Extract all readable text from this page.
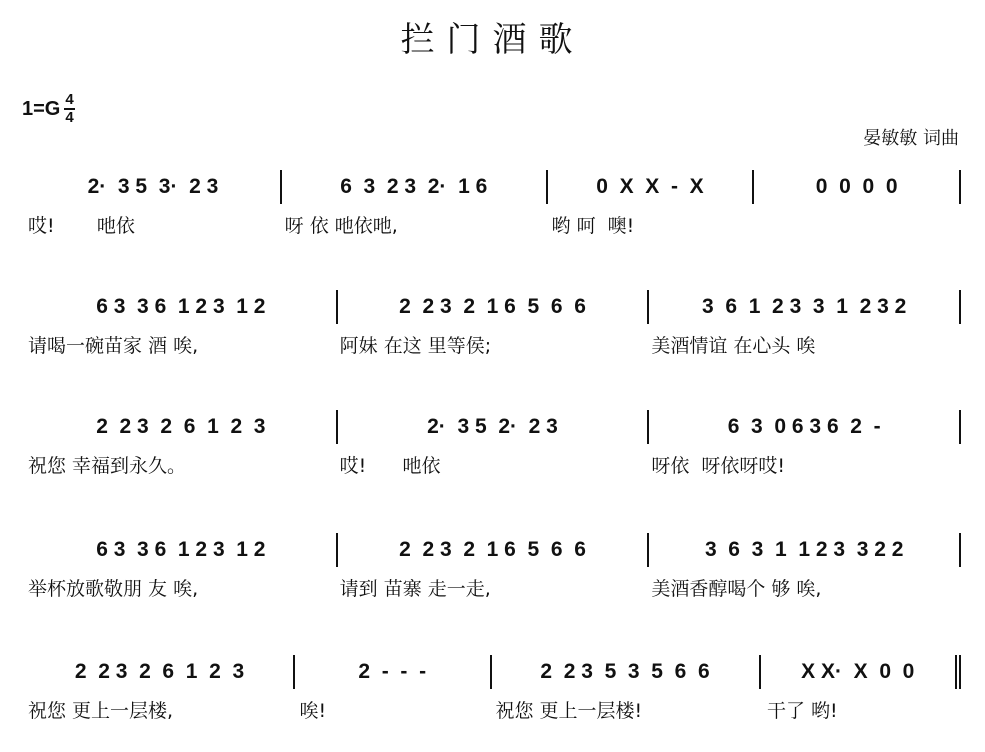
拦门酒歌
1=G 4
4
晏敏敏 词曲
2·  3 5  3·  2 3	6  3  2 3  2·  1 6	0  X  X  -  X	0  0  0  0
哎!       吔依	呀 依 吔依吔,	哟 呵  噢!
6 3  3 6  1 2 3  1 2	2  2 3  2  1 6  5  6  6	3  6  1  2 3  3  1  2 3 2
请喝一碗苗家 酒 唉,	阿妹 在这 里等侯;	美酒情谊 在心头 唉
2  2 3  2  6  1  2  3	2·  3 5  2·  2 3	6  3  0 6 3 6  2  -
祝您 幸福到永久。	哎!      吔依	呀依  呀依呀哎!
6 3  3 6  1 2 3  1 2	2  2 3  2  1 6  5  6  6	3  6  3  1  1 2 3  3 2 2
举杯放歌敬朋 友 唉,	请到 苗寨 走一走,	美酒香醇喝个 够 唉,
2  2 3  2  6  1  2  3	2  -  -  -	2  2 3  5  3  5  6  6	X X·  X  0  0
祝您 更上一层楼,	唉!	祝您 更上一层楼!	干了 哟!
